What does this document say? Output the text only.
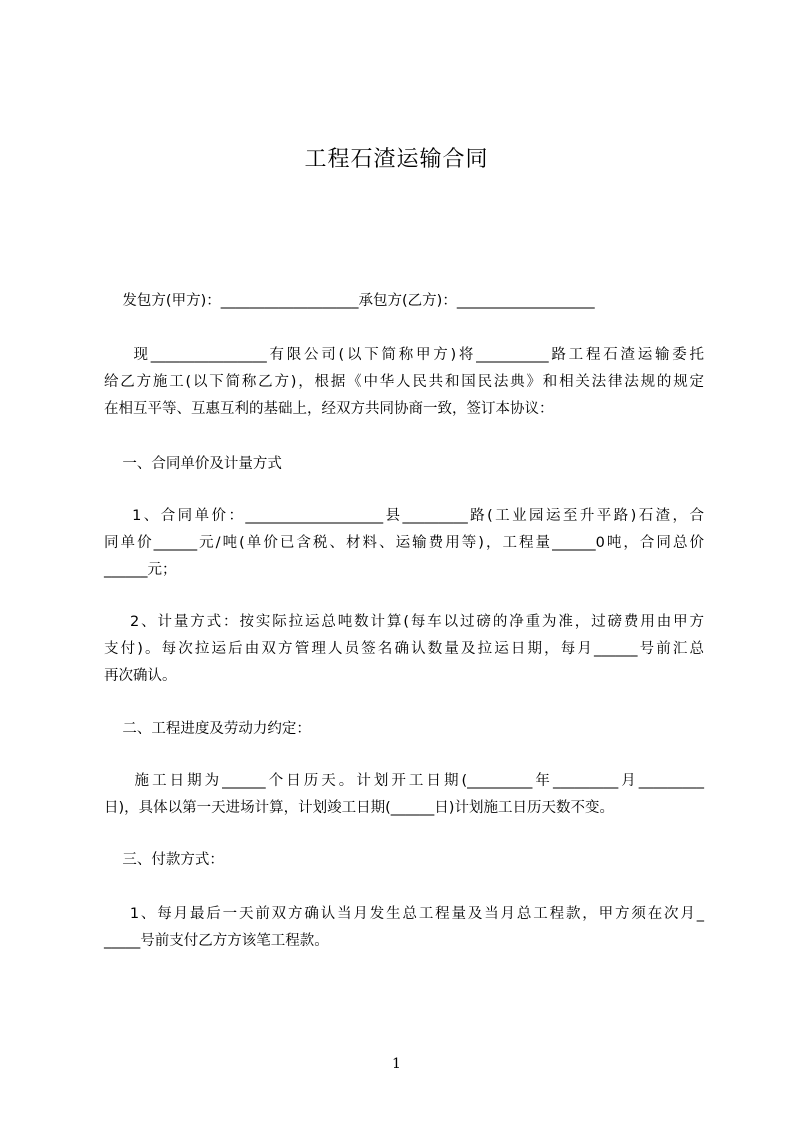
工程石渣运输合同
发包方(甲方)：___________________承包方(乙方)：___________________
现________________有限公司(以下简称甲方)将__________路工程石渣运输委托
给乙方施工(以下简称乙方)，根据《中华人民共和国民法典》和相关法律法规的规定
在相互平等、互惠互利的基础上，经双方共同协商一致，签订本协议：
一、合同单价及计量方式
1、合同单价：___________________县_________路(工业园运至升平路)石渣，合
同单价______元/吨(单价已含税、材料、运输费用等)，工程量______0吨，合同总价
______元；
2、计量方式：按实际拉运总吨数计算(每车以过磅的净重为准，过磅费用由甲方
支付)。每次拉运后由双方管理人员签名确认数量及拉运日期，每月______号前汇总
再次确认。
二、工程进度及劳动力约定：
施工日期为______个日历天。计划开工日期(_________年_________月_________
日)，具体以第一天进场计算，计划竣工日期(______日)计划施工日历天数不变。
三、付款方式：
1、每月最后一天前双方确认当月发生总工程量及当月总工程款，甲方须在次月_
_____号前支付乙方方该笔工程款。
1
